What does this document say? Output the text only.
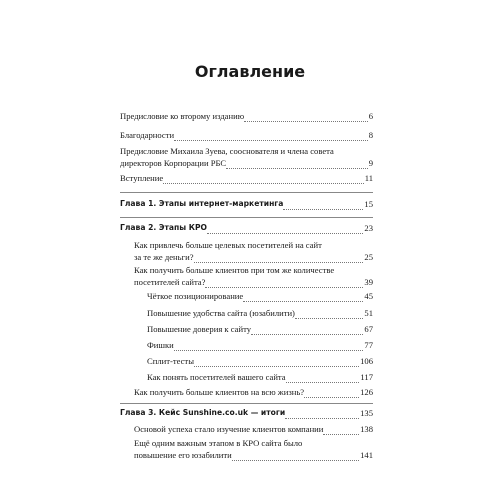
Оглавление
Предисловие ко второму изданию	6
Благодарности	8
Предисловие Михаила Зуева, сооснователя и члена совета
директоров Корпорации РБС	9
Вступление	11
Глава 1. Этапы интернет-маркетинга	15
Глава 2. Этапы КРО	23
Как привлечь больше целевых посетителей на сайт
за те же деньги?	25
Как получить больше клиентов при том же количестве
посетителей сайта?	39
Чёткое позиционирование	45
Повышение удобства сайта (юзабилити)	51
Повышение доверия к сайту	67
Фишки	77
Сплит-тесты	106
Как понять посетителей вашего сайта	117
Как получить больше клиентов на всю жизнь?	126
Глава 3. Кейс Sunshine.co.uk — итоги	135
Основой успеха стало изучение клиентов компании	138
Ещё одним важным этапом в КРО сайта было
повышение его юзабилити	141
